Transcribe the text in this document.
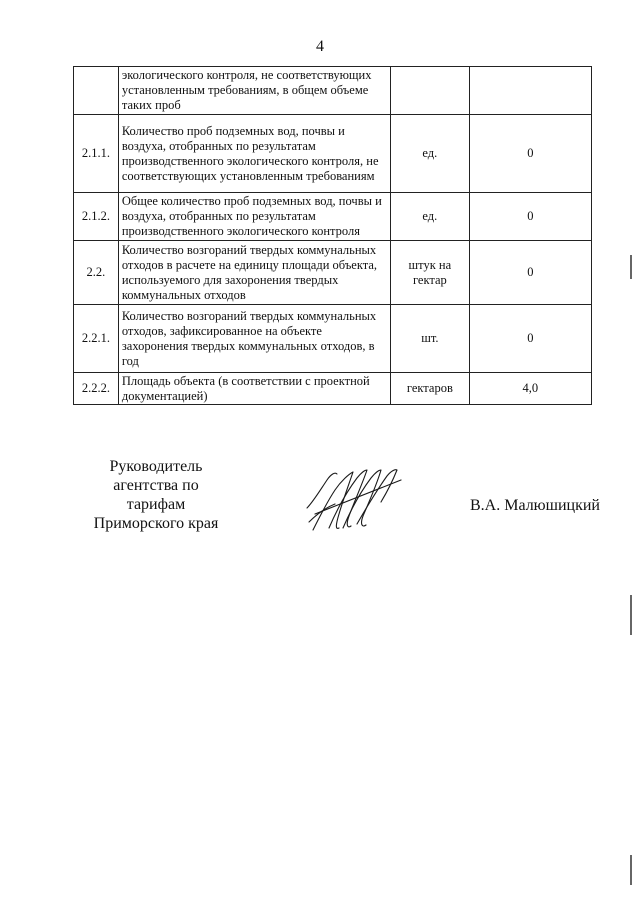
4
	экологического контроля, не соответствующих установленным требованиям, в общем объеме таких проб		
2.1.1.	Количество проб подземных вод, почвы и воздуха, отобранных по результатам производственного экологического контроля, не соответствующих установленным требованиям	ед.	0
2.1.2.	Общее количество проб подземных вод, почвы и воздуха, отобранных по результатам производственного экологического контроля	ед.	0
2.2.	Количество возгораний твердых коммунальных отходов в расчете на единицу площади объекта, используемого для захоронения твердых коммунальных отходов	штук на гектар	0
2.2.1.	Количество возгораний твердых коммунальных отходов, зафиксированное на объекте захоронения твердых коммунальных отходов, в год	шт.	0
2.2.2.	Площадь объекта (в соответствии с проектной документацией)	гектаров	4,0
Руководитель
агентства по тарифам
Приморского края
В.А. Малюшицкий
